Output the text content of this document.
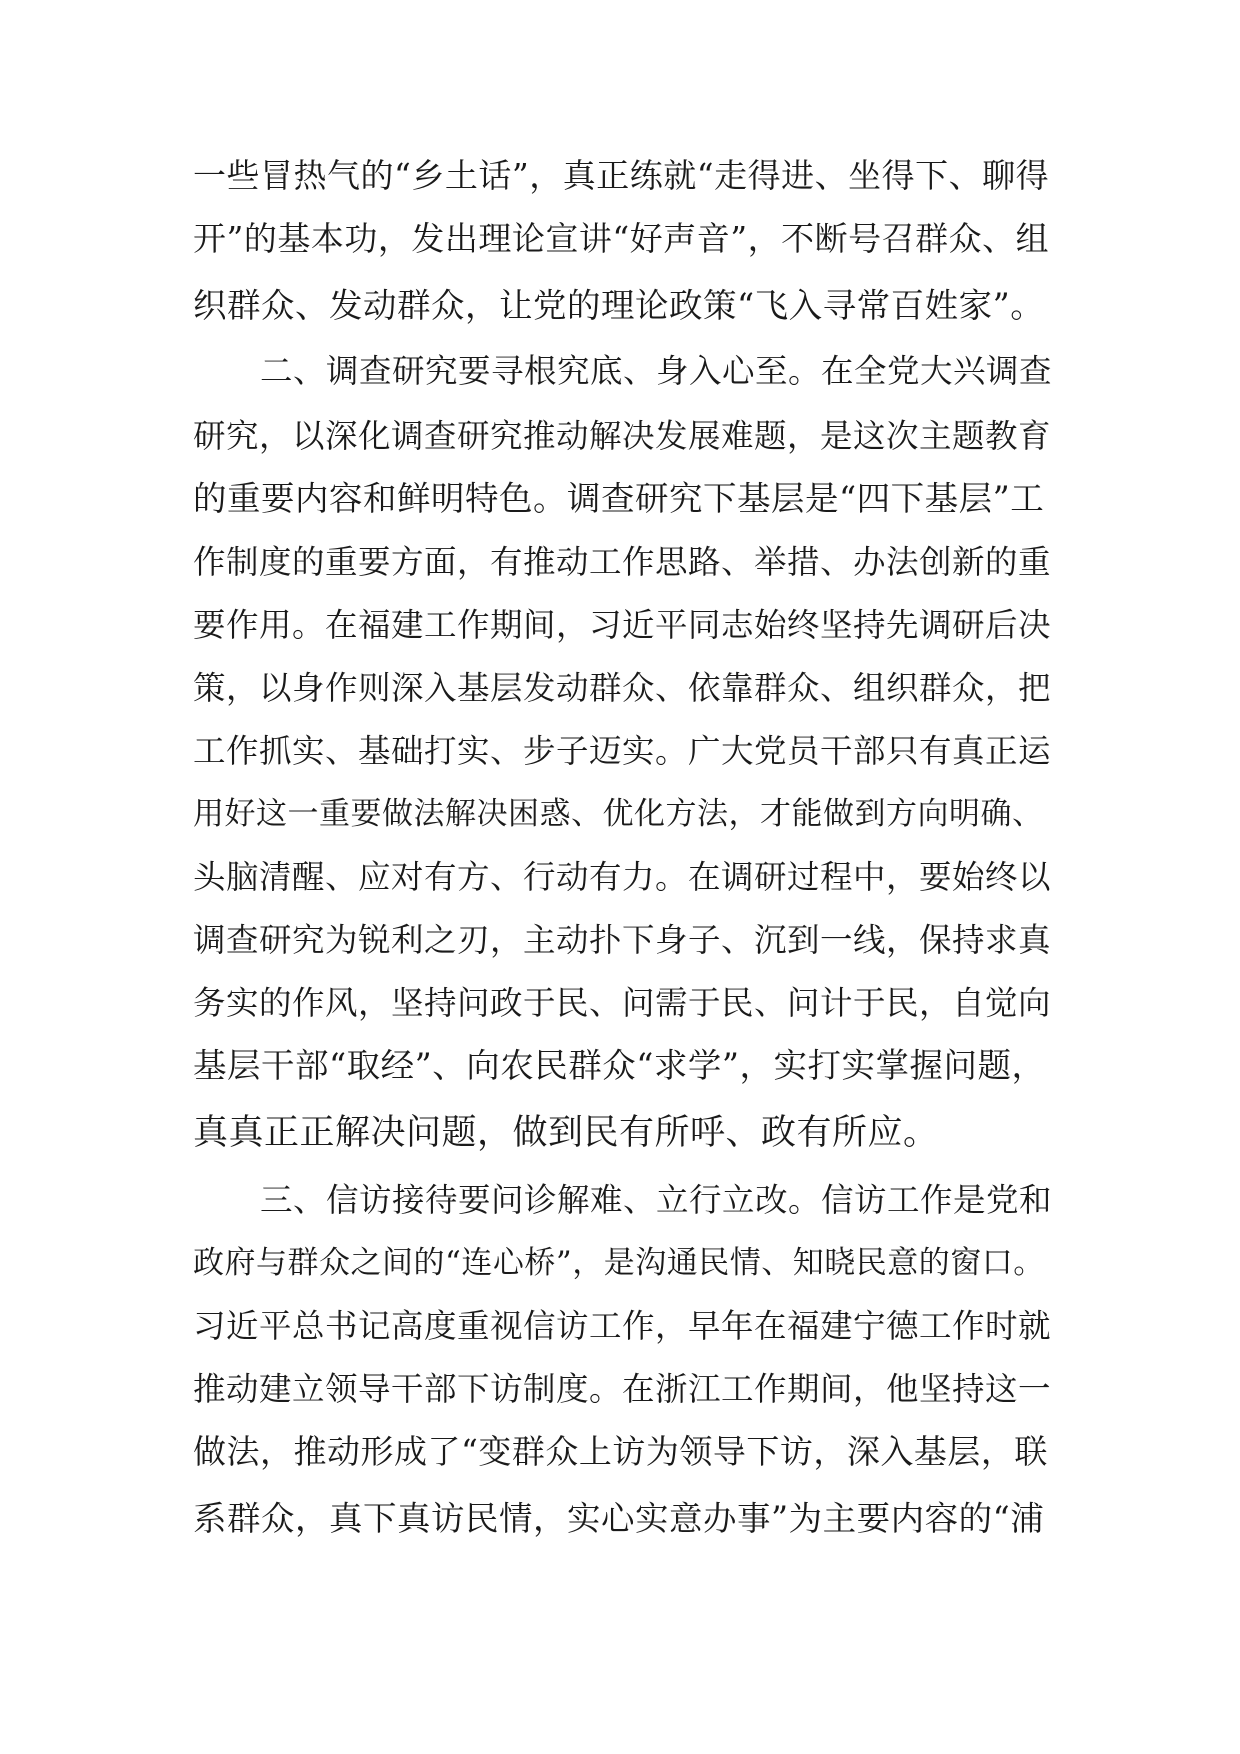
一些冒热气的“乡土话”，真正练就“走得进、坐得下、聊得
开”的基本功，发出理论宣讲“好声音”，不断号召群众、组
织群众、发动群众，让党的理论政策“飞入寻常百姓家”。
二、调查研究要寻根究底、身入心至。在全党大兴调查
研究，以深化调查研究推动解决发展难题，是这次主题教育
的重要内容和鲜明特色。调查研究下基层是“四下基层”工
作制度的重要方面，有推动工作思路、举措、办法创新的重
要作用。在福建工作期间，习近平同志始终坚持先调研后决
策，以身作则深入基层发动群众、依靠群众、组织群众，把
工作抓实、基础打实、步子迈实。广大党员干部只有真正运
用好这一重要做法解决困惑、优化方法，才能做到方向明确、
头脑清醒、应对有方、行动有力。在调研过程中，要始终以
调查研究为锐利之刃，主动扑下身子、沉到一线，保持求真
务实的作风，坚持问政于民、问需于民、问计于民，自觉向
基层干部“取经”、向农民群众“求学”，实打实掌握问题，
真真正正解决问题，做到民有所呼、政有所应。
三、信访接待要问诊解难、立行立改。信访工作是党和
政府与群众之间的“连心桥”，是沟通民情、知晓民意的窗口。
习近平总书记高度重视信访工作，早年在福建宁德工作时就
推动建立领导干部下访制度。在浙江工作期间，他坚持这一
做法，推动形成了“变群众上访为领导下访，深入基层，联
系群众，真下真访民情，实心实意办事”为主要内容的“浦
